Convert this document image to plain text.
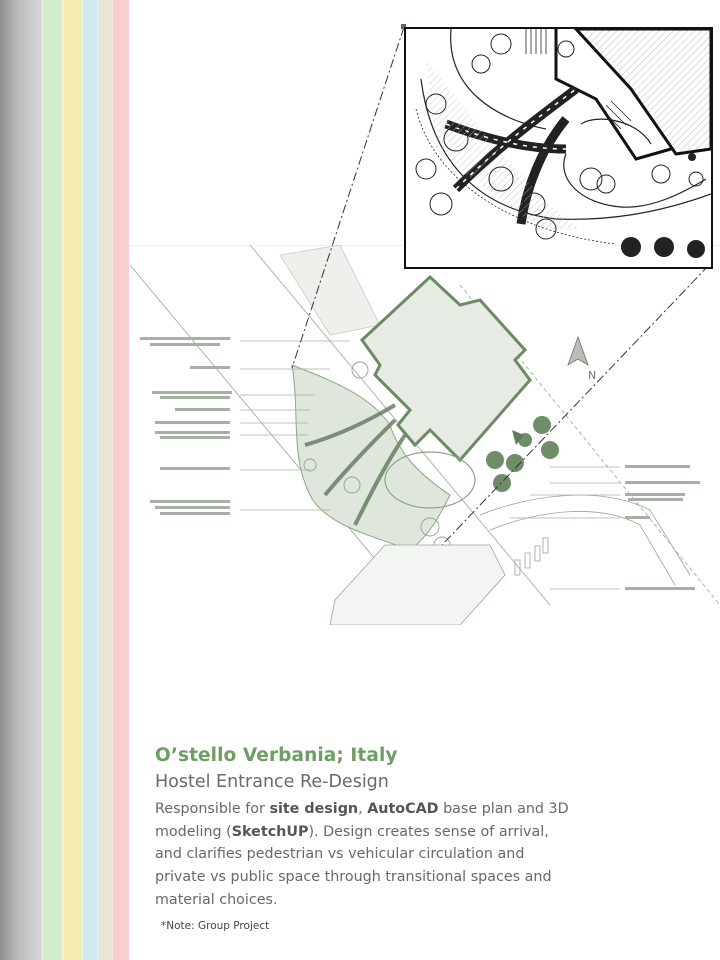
N

O’stello Verbania; Italy

Hostel Entrance Re-Design

Responsible for site design, AutoCAD base plan and 3D modeling (SketchUP). Design creates sense of arrival, and clarifies pedestrian vs vehicular circulation and private vs public space through transitional spaces and material choices.

*Note: Group Project
